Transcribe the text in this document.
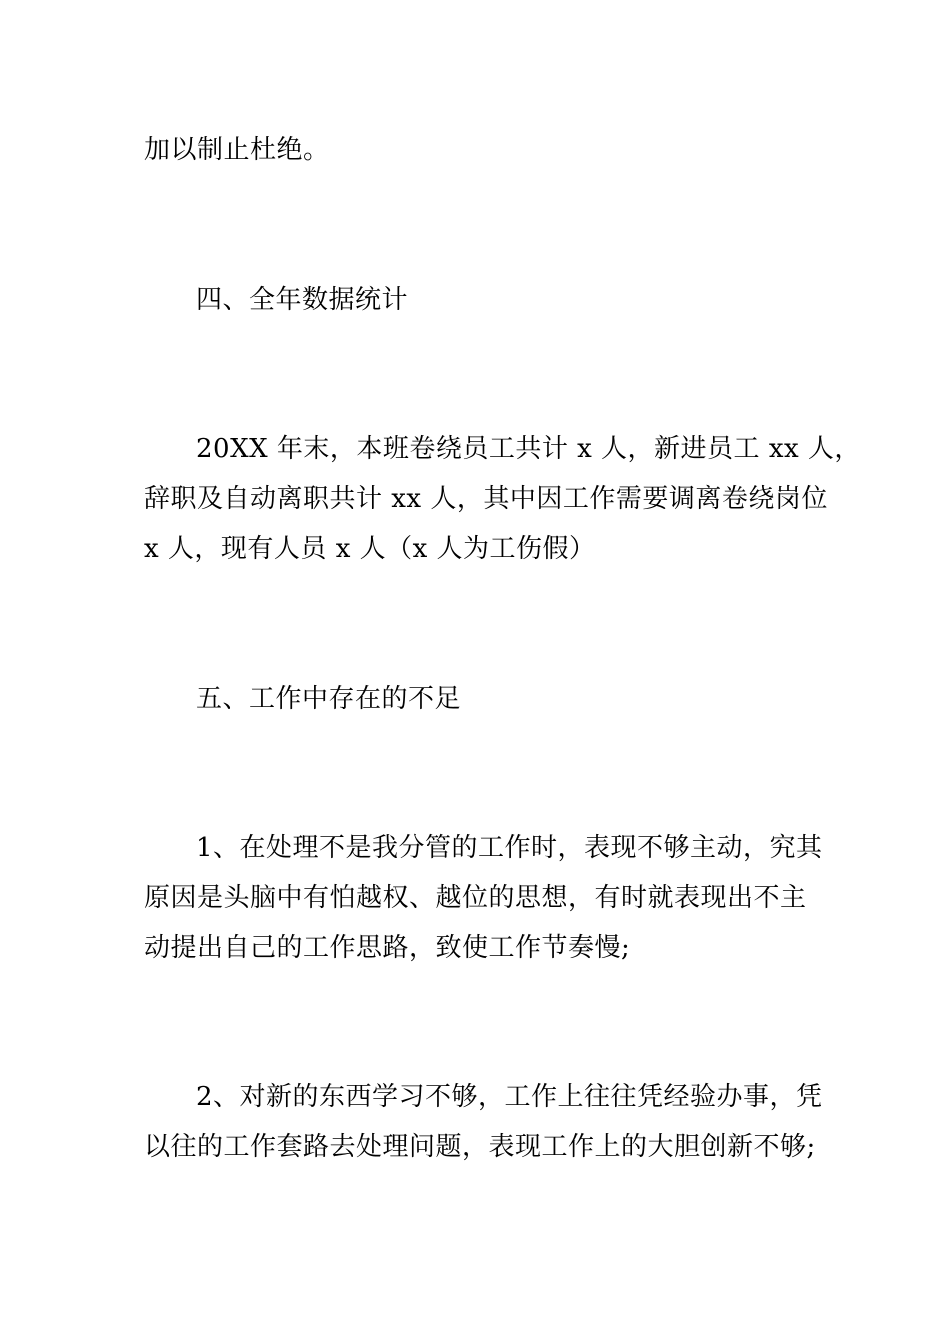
加以制止杜绝。
四、全年数据统计
20XX 年末，本班卷绕员工共计 x 人，新进员工 xx 人，
辞职及自动离职共计 xx 人，其中因工作需要调离卷绕岗位
x 人，现有人员 x 人（x 人为工伤假）
五、工作中存在的不足
1、在处理不是我分管的工作时，表现不够主动，究其
原因是头脑中有怕越权、越位的思想，有时就表现出不主
动提出自己的工作思路，致使工作节奏慢;
2、对新的东西学习不够，工作上往往凭经验办事，凭
以往的工作套路去处理问题，表现工作上的大胆创新不够;
